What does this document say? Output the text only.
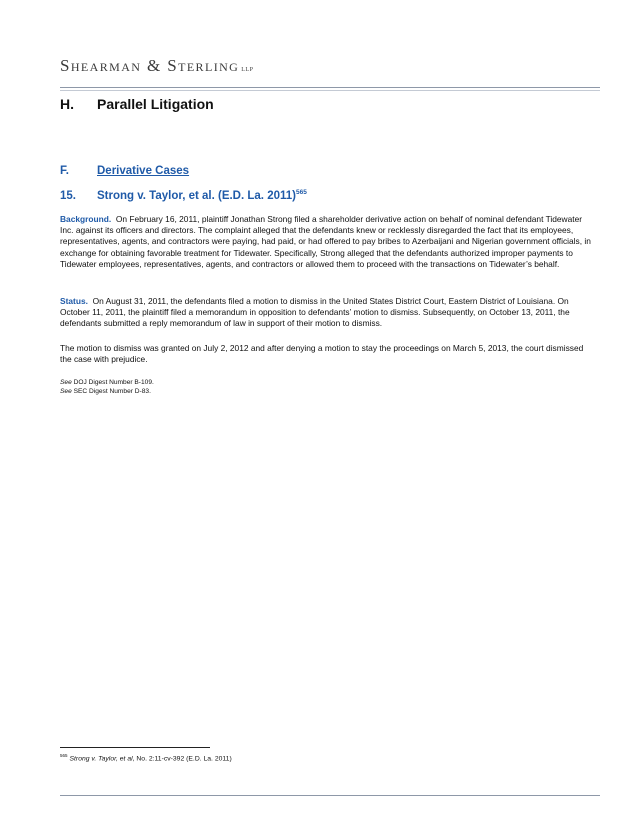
Shearman & Sterling LLP
H. Parallel Litigation
F. Derivative Cases
15. Strong v. Taylor, et al. (E.D. La. 2011)$^{565}$
Background. On February 16, 2011, plaintiff Jonathan Strong filed a shareholder derivative action on behalf of nominal defendant Tidewater Inc. against its officers and directors. The complaint alleged that the defendants knew or recklessly disregarded the fact that its employees, representatives, agents, and contractors were paying, had paid, or had offered to pay bribes to Azerbaijani and Nigerian government officials, in exchange for obtaining favorable treatment for Tidewater. Specifically, Strong alleged that the defendants authorized improper payments to Tidewater employees, representatives, agents, and contractors or allowed them to proceed with the transactions on Tidewater’s behalf.
Status. On August 31, 2011, the defendants filed a motion to dismiss in the United States District Court, Eastern District of Louisiana. On October 11, 2011, the plaintiff filed a memorandum in opposition to defendants’ motion to dismiss. Subsequently, on October 13, 2011, the defendants submitted a reply memorandum of law in support of their motion to dismiss.
The motion to dismiss was granted on July 2, 2012 and after denying a motion to stay the proceedings on March 5, 2013, the court dismissed the case with prejudice.
See DOJ Digest Number B-109.
See SEC Digest Number D-83.
$^{565}$ Strong v. Taylor, et al, No. 2:11-cv-392 (E.D. La. 2011)
